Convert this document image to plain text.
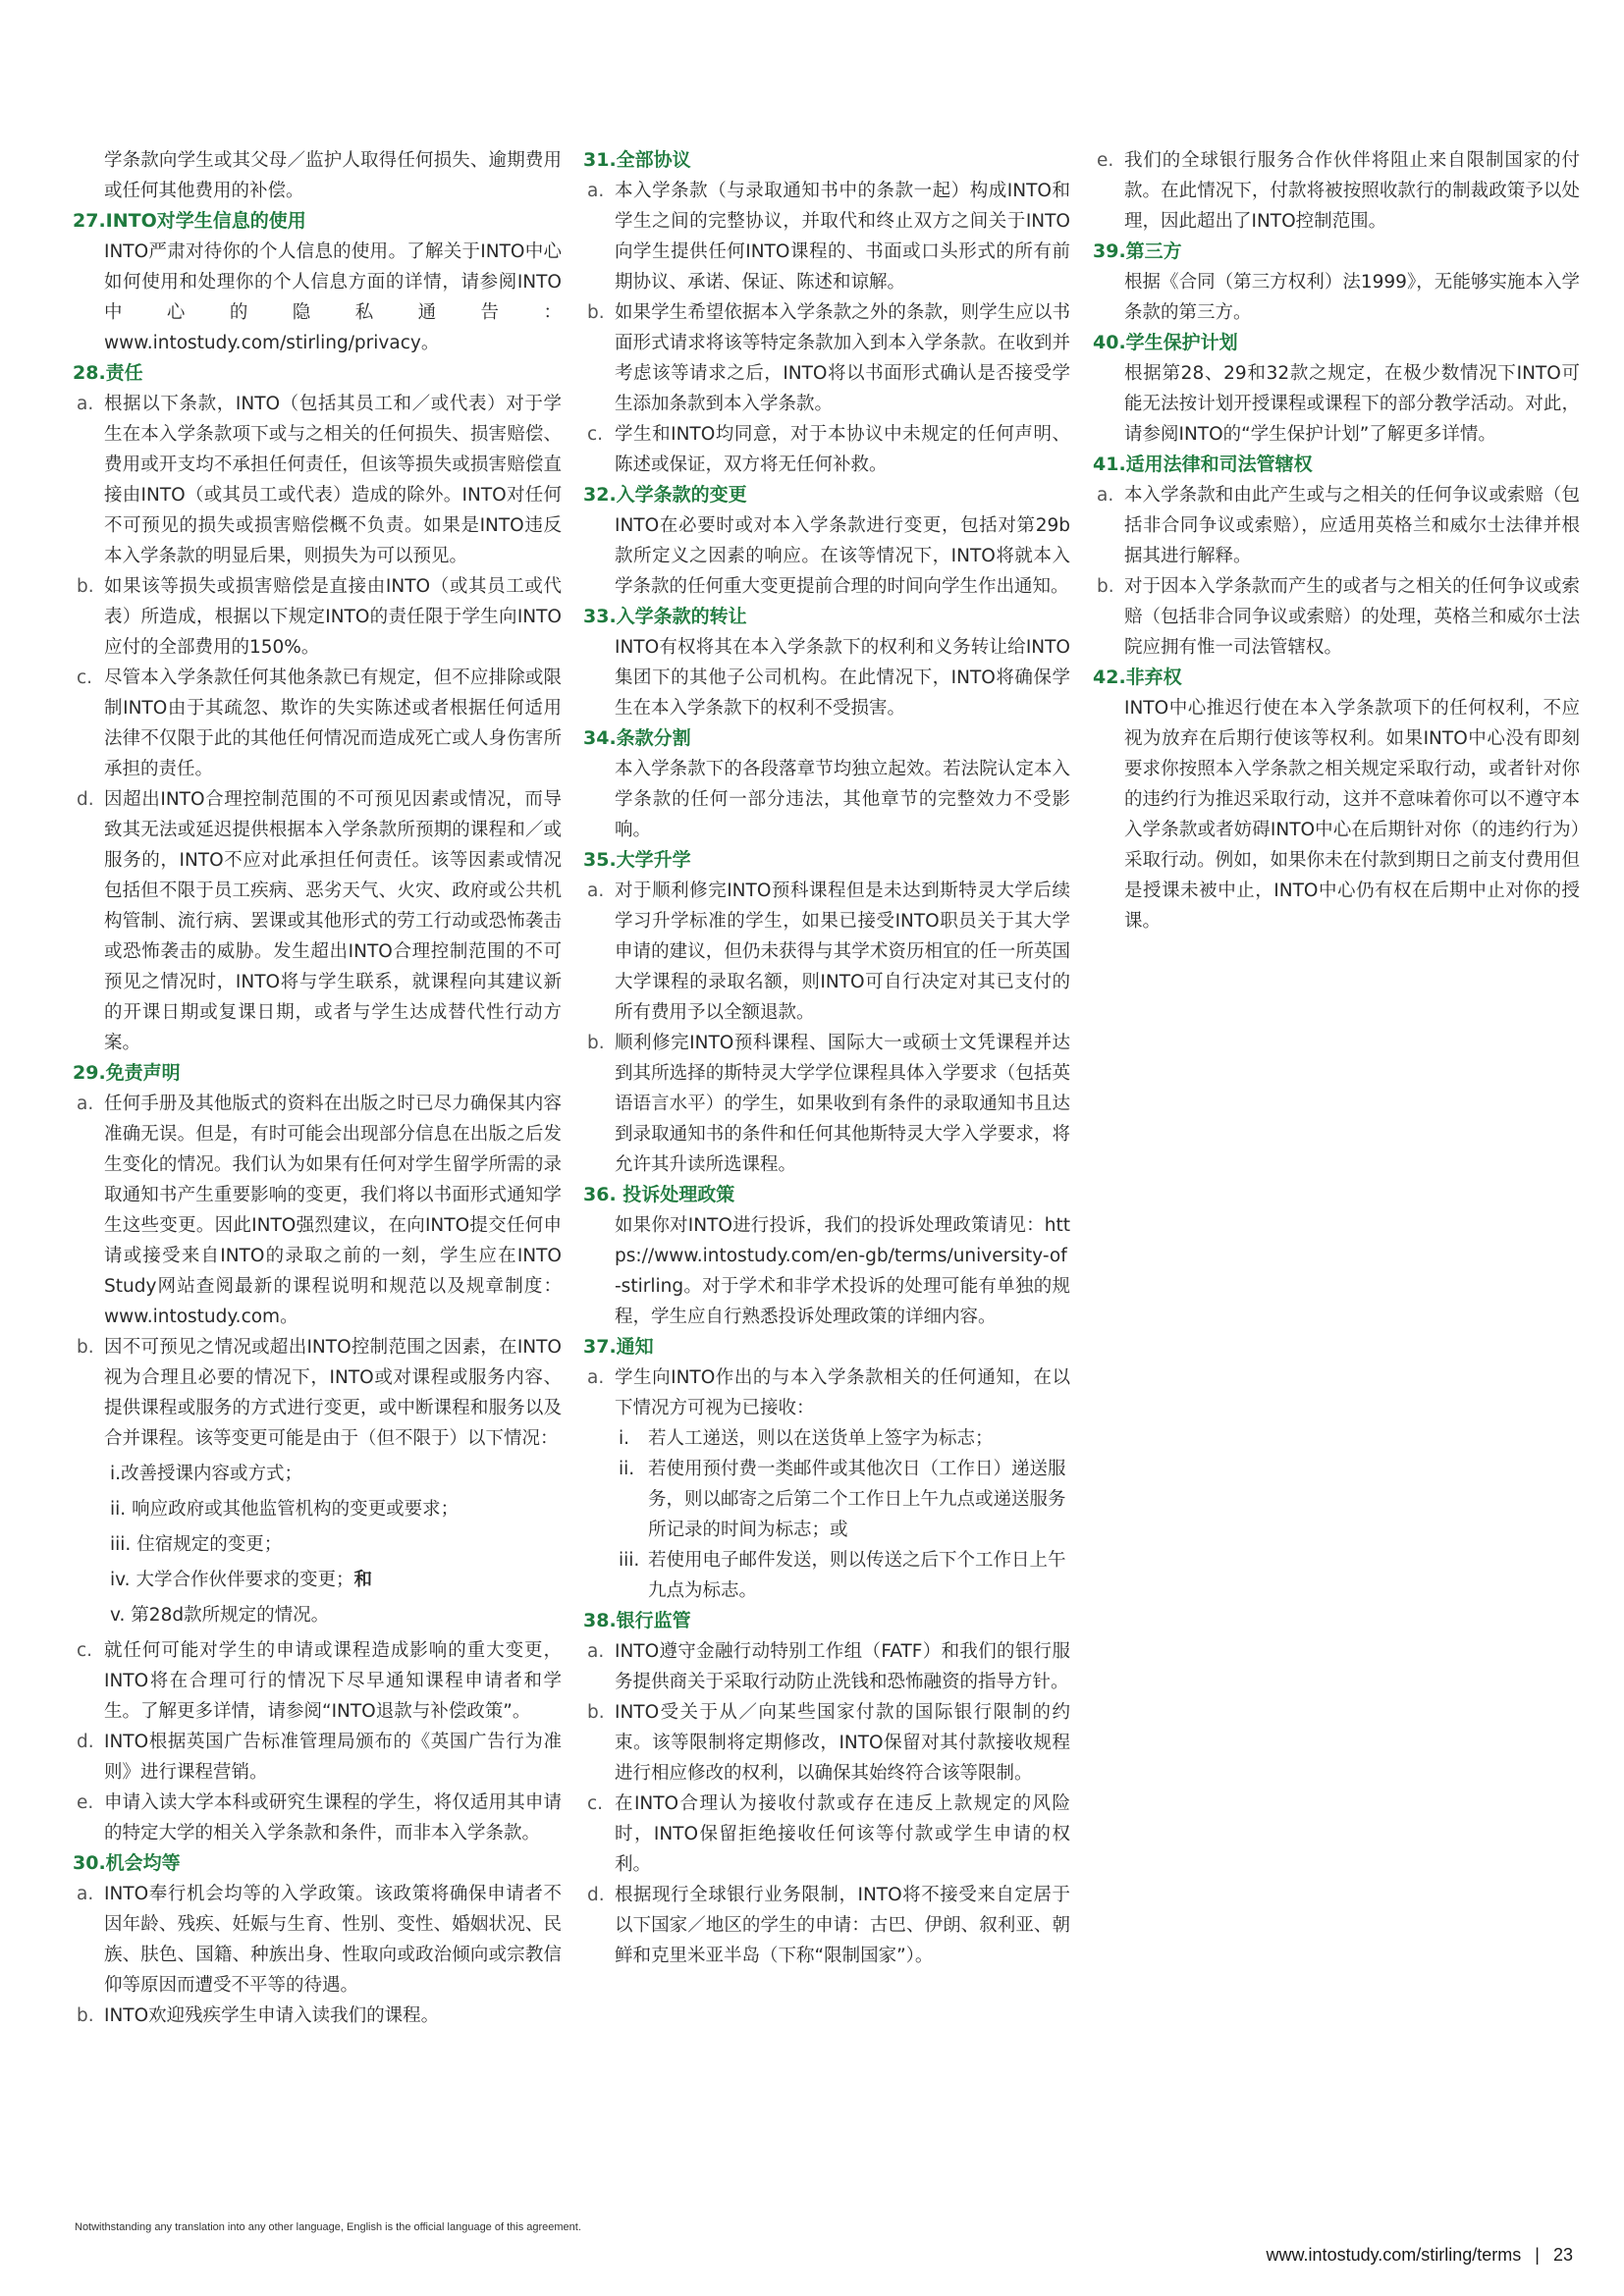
学条款向学生或其父母／监护人取得任何损失、逾期费用或任何其他费用的补偿。

27.INTO对学生信息的使用

INTO严肃对待你的个人信息的使用。了解关于INTO中心如何使用和处理你的个人信息方面的详情，请参阅INTO中心的隐私通告：www.intostudy.com/stirling/privacy。

28.责任

a. 根据以下条款，INTO（包括其员工和／或代表）对于学生在本入学条款项下或与之相关的任何损失、损害赔偿、费用或开支均不承担任何责任，但该等损失或损害赔偿直接由INTO（或其员工或代表）造成的除外。INTO对任何不可预见的损失或损害赔偿概不负责。如果是INTO违反本入学条款的明显后果，则损失为可以预见。
b. 如果该等损失或损害赔偿是直接由INTO（或其员工或代表）所造成，根据以下规定INTO的责任限于学生向INTO应付的全部费用的150%。
c. 尽管本入学条款任何其他条款已有规定，但不应排除或限制INTO由于其疏忽、欺诈的失实陈述或者根据任何适用法律不仅限于此的其他任何情况而造成死亡或人身伤害所承担的责任。
d. 因超出INTO合理控制范围的不可预见因素或情况，而导致其无法或延迟提供根据本入学条款所预期的课程和／或服务的，INTO不应对此承担任何责任。该等因素或情况包括但不限于员工疾病、恶劣天气、火灾、政府或公共机构管制、流行病、罢课或其他形式的劳工行动或恐怖袭击或恐怖袭击的威胁。发生超出INTO合理控制范围的不可预见之情况时，INTO将与学生联系，就课程向其建议新的开课日期或复课日期，或者与学生达成替代性行动方案。

29.免责声明

a. 任何手册及其他版式的资料在出版之时已尽力确保其内容准确无误。但是，有时可能会出现部分信息在出版之后发生变化的情况。我们认为如果有任何对学生留学所需的录取通知书产生重要影响的变更，我们将以书面形式通知学生这些变更。因此INTO强烈建议，在向INTO提交任何申请或接受来自INTO的录取之前的一刻，学生应在INTO Study网站查阅最新的课程说明和规范以及规章制度：www.intostudy.com。
b. 因不可预见之情况或超出INTO控制范围之因素，在INTO视为合理且必要的情况下，INTO或对课程或服务内容、提供课程或服务的方式进行变更，或中断课程和服务以及合并课程。该等变更可能是由于（但不限于）以下情况：
i.改善授课内容或方式；
ii. 响应政府或其他监管机构的变更或要求；
iii. 住宿规定的变更；
iv. 大学合作伙伴要求的变更；和
v. 第28d款所规定的情况。
c. 就任何可能对学生的申请或课程造成影响的重大变更，INTO将在合理可行的情况下尽早通知课程申请者和学生。了解更多详情，请参阅“INTO退款与补偿政策”。
d. INTO根据英国广告标准管理局颁布的《英国广告行为准则》进行课程营销。
e. 申请入读大学本科或研究生课程的学生，将仅适用其申请的特定大学的相关入学条款和条件，而非本入学条款。

30.机会均等

a. INTO奉行机会均等的入学政策。该政策将确保申请者不因年龄、残疾、妊娠与生育、性别、变性、婚姻状况、民族、肤色、国籍、种族出身、性取向或政治倾向或宗教信仰等原因而遭受不平等的待遇。
b. INTO欢迎残疾学生申请入读我们的课程。

31.全部协议

a. 本入学条款（与录取通知书中的条款一起）构成INTO和学生之间的完整协议，并取代和终止双方之间关于INTO向学生提供任何INTO课程的、书面或口头形式的所有前期协议、承诺、保证、陈述和谅解。
b. 如果学生希望依据本入学条款之外的条款，则学生应以书面形式请求将该等特定条款加入到本入学条款。在收到并考虑该等请求之后，INTO将以书面形式确认是否接受学生添加条款到本入学条款。
c. 学生和INTO均同意，对于本协议中未规定的任何声明、陈述或保证，双方将无任何补救。

32.入学条款的变更

INTO在必要时或对本入学条款进行变更，包括对第29b款所定义之因素的响应。在该等情况下，INTO将就本入学条款的任何重大变更提前合理的时间向学生作出通知。

33.入学条款的转让

INTO有权将其在本入学条款下的权利和义务转让给INTO集团下的其他子公司机构。在此情况下，INTO将确保学生在本入学条款下的权利不受损害。

34.条款分割

本入学条款下的各段落章节均独立起效。若法院认定本入学条款的任何一部分违法，其他章节的完整效力不受影响。

35.大学升学

a. 对于顺利修完INTO预科课程但是未达到斯特灵大学后续学习升学标准的学生，如果已接受INTO职员关于其大学申请的建议，但仍未获得与其学术资历相宜的任一所英国大学课程的录取名额，则INTO可自行决定对其已支付的所有费用予以全额退款。
b. 顺利修完INTO预科课程、国际大一或硕士文凭课程并达到其所选择的斯特灵大学学位课程具体入学要求（包括英语语言水平）的学生，如果收到有条件的录取通知书且达到录取通知书的条件和任何其他斯特灵大学入学要求，将允许其升读所选课程。

36. 投诉处理政策

如果你对INTO进行投诉，我们的投诉处理政策请见：https://www.intostudy.com/en-gb/terms/university-of-stirling。对于学术和非学术投诉的处理可能有单独的规程，学生应自行熟悉投诉处理政策的详细内容。

37.通知

a. 学生向INTO作出的与本入学条款相关的任何通知，在以下情况方可视为已接收：
i. 若人工递送，则以在送货单上签字为标志；
ii. 若使用预付费一类邮件或其他次日（工作日）递送服务，则以邮寄之后第二个工作日上午九点或递送服务所记录的时间为标志；或
iii. 若使用电子邮件发送，则以传送之后下个工作日上午九点为标志。

38.银行监管

a. INTO遵守金融行动特别工作组（FATF）和我们的银行服务提供商关于采取行动防止洗钱和恐怖融资的指导方针。
b. INTO受关于从／向某些国家付款的国际银行限制的约束。该等限制将定期修改，INTO保留对其付款接收规程进行相应修改的权利，以确保其始终符合该等限制。
c. 在INTO合理认为接收付款或存在违反上款规定的风险时，INTO保留拒绝接收任何该等付款或学生申请的权利。
d. 根据现行全球银行业务限制，INTO将不接受来自定居于以下国家／地区的学生的申请：古巴、伊朗、叙利亚、朝鲜和克里米亚半岛（下称“限制国家”）。
e. 我们的全球银行服务合作伙伴将阻止来自限制国家的付款。在此情况下，付款将被按照收款行的制裁政策予以处理，因此超出了INTO控制范围。

39.第三方

根据《合同（第三方权利）法1999》，无能够实施本入学条款的第三方。

40.学生保护计划

根据第28、29和32款之规定，在极少数情况下INTO可能无法按计划开授课程或课程下的部分教学活动。对此，请参阅INTO的“学生保护计划”了解更多详情。

41.适用法律和司法管辖权

a. 本入学条款和由此产生或与之相关的任何争议或索赔（包括非合同争议或索赔），应适用英格兰和威尔士法律并根据其进行解释。
b. 对于因本入学条款而产生的或者与之相关的任何争议或索赔（包括非合同争议或索赔）的处理，英格兰和威尔士法院应拥有惟一司法管辖权。

42.非弃权

INTO中心推迟行使在本入学条款项下的任何权利，不应视为放弃在后期行使该等权利。如果INTO中心没有即刻要求你按照本入学条款之相关规定采取行动，或者针对你的违约行为推迟采取行动，这并不意味着你可以不遵守本入学条款或者妨碍INTO中心在后期针对你（的违约行为）采取行动。例如，如果你未在付款到期日之前支付费用但是授课未被中止，INTO中心仍有权在后期中止对你的授课。

Notwithstanding any translation into any other language, English is the official language of this agreement.
www.intostudy.com/stirling/terms | 23
